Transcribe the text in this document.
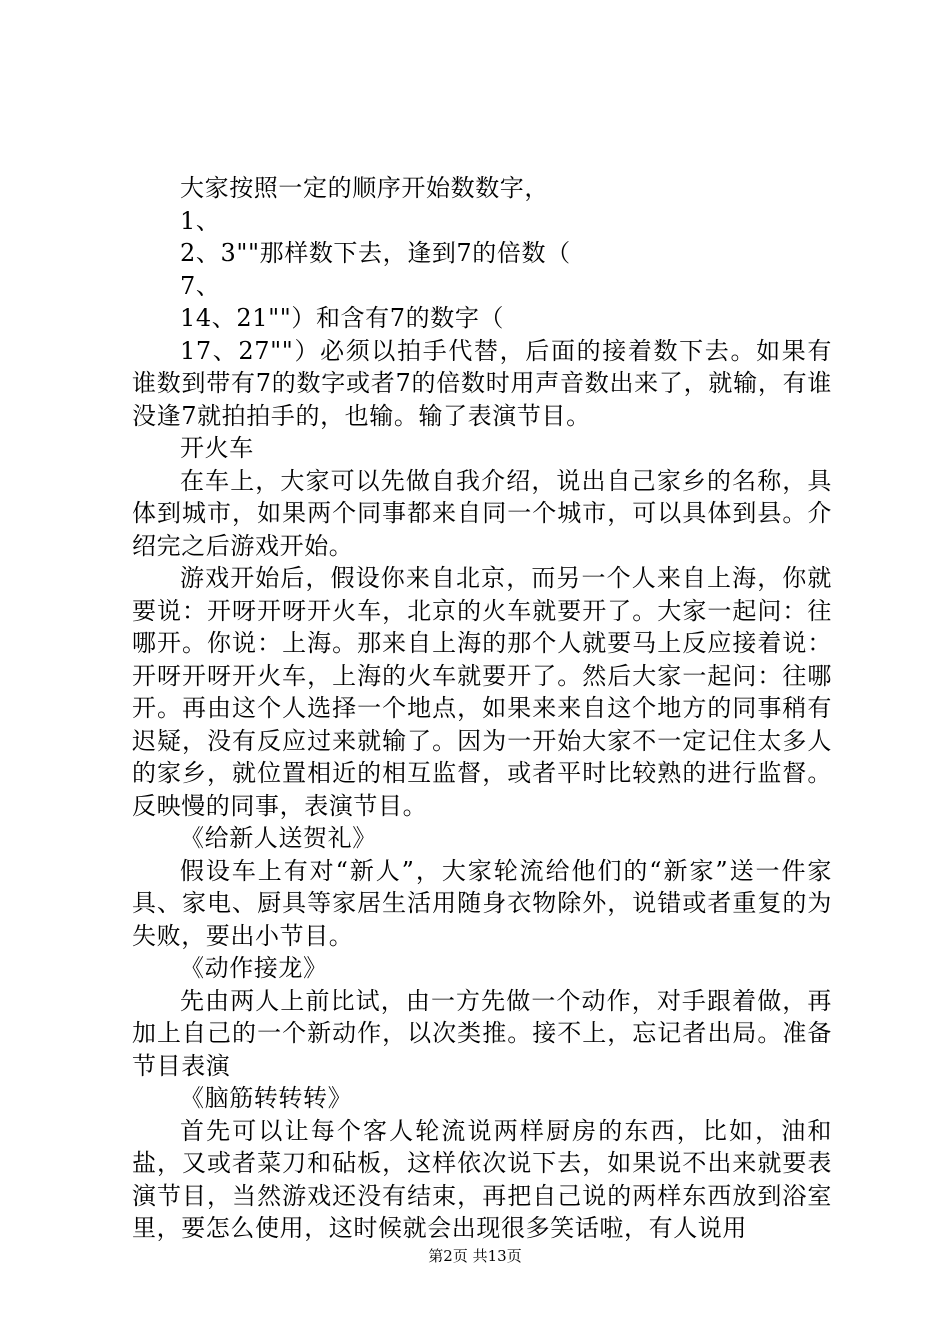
大家按照一定的顺序开始数数字，

1、

2、3""那样数下去，逢到7的倍数（

7、

14、21""）和含有7的数字（

17、27""）必须以拍手代替，后面的接着数下去。如果有谁数到带有7的数字或者7的倍数时用声音数出来了，就输，有谁没逢7就拍拍手的，也输。输了表演节目。

开火车

在车上，大家可以先做自我介绍，说出自己家乡的名称，具体到城市，如果两个同事都来自同一个城市，可以具体到县。介绍完之后游戏开始。

游戏开始后，假设你来自北京，而另一个人来自上海，你就要说：开呀开呀开火车，北京的火车就要开了。大家一起问：往哪开。你说：上海。那来自上海的那个人就要马上反应接着说：开呀开呀开火车，上海的火车就要开了。然后大家一起问：往哪开。再由这个人选择一个地点，如果来来自这个地方的同事稍有迟疑，没有反应过来就输了。因为一开始大家不一定记住太多人的家乡，就位置相近的相互监督，或者平时比较熟的进行监督。反映慢的同事，表演节目。

《给新人送贺礼》

假设车上有对“新人”，大家轮流给他们的“新家”送一件家具、家电、厨具等家居生活用随身衣物除外，说错或者重复的为失败，要出小节目。

《动作接龙》

先由两人上前比试，由一方先做一个动作，对手跟着做，再加上自己的一个新动作，以次类推。接不上，忘记者出局。准备节目表演

《脑筋转转转》

首先可以让每个客人轮流说两样厨房的东西，比如，油和盐，又或者菜刀和砧板，这样依次说下去，如果说不出来就要表演节目，当然游戏还没有结束，再把自己说的两样东西放到浴室里，要怎么使用，这时候就会出现很多笑话啦，有人说用

第2页 共13页
